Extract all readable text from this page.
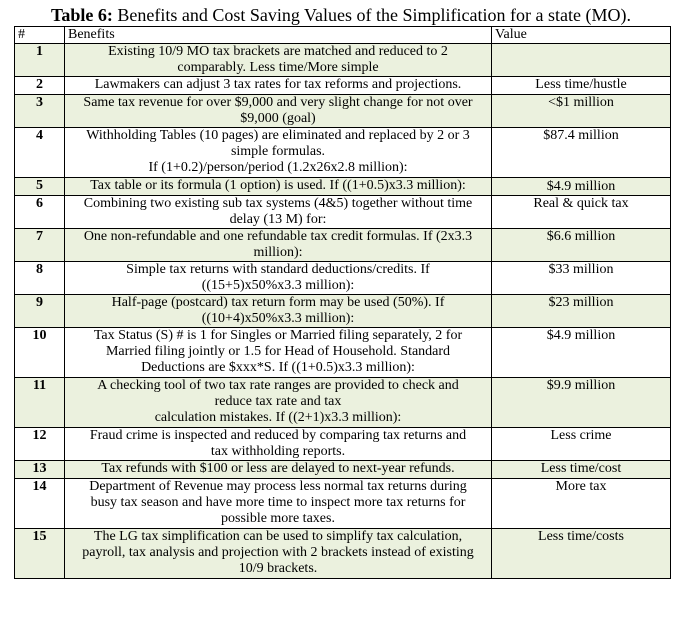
Table 6: Benefits and Cost Saving Values of the Simplification for a state (MO).
#	Benefits	Value
1	Existing 10/9 MO tax brackets are matched and reduced to 2
comparably. Less time/More simple	

2	Lawmakers can adjust 3 tax rates for tax reforms and projections.	Less time/hustle
3	Same tax revenue for over $9,000 and very slight change for not over
$9,000 (goal)	<$1 million
4	Withholding Tables (10 pages) are eliminated and replaced by 2 or 3
simple formulas.
If (1+0.2)/person/period (1.2x26x2.8 million):	$87.4 million
5	Tax table or its formula (1 option) is used. If ((1+0.5)x3.3 million):	$4.9 million
6	Combining two existing sub tax systems (4&5) together without time
delay (13 M) for:	Real & quick tax
7	One non-refundable and one refundable tax credit formulas. If (2x3.3
million):	$6.6 million
8	Simple tax returns with standard deductions/credits. If
((15+5)x50%x3.3 million):	$33 million
9	Half-page (postcard) tax return form may be used (50%). If
((10+4)x50%x3.3 million):	$23 million
10	Tax Status (S) # is 1 for Singles or Married filing separately, 2 for
Married filing jointly or 1.5 for Head of Household. Standard
Deductions are $xxx*S. If ((1+0.5)x3.3 million):	$4.9 million
11	A checking tool of two tax rate ranges are provided to check and
reduce tax rate and tax
calculation mistakes. If ((2+1)x3.3 million):	$9.9 million
12	Fraud crime is inspected and reduced by comparing tax returns and
tax withholding reports.	Less crime
13	Tax refunds with $100 or less are delayed to next-year refunds.	Less time/cost
14	Department of Revenue may process less normal tax returns during
busy tax season and have more time to inspect more tax returns for
possible more taxes.	More tax
15	The LG tax simplification can be used to simplify tax calculation,
payroll, tax analysis and projection with 2 brackets instead of existing
10/9 brackets.	Less time/costs
